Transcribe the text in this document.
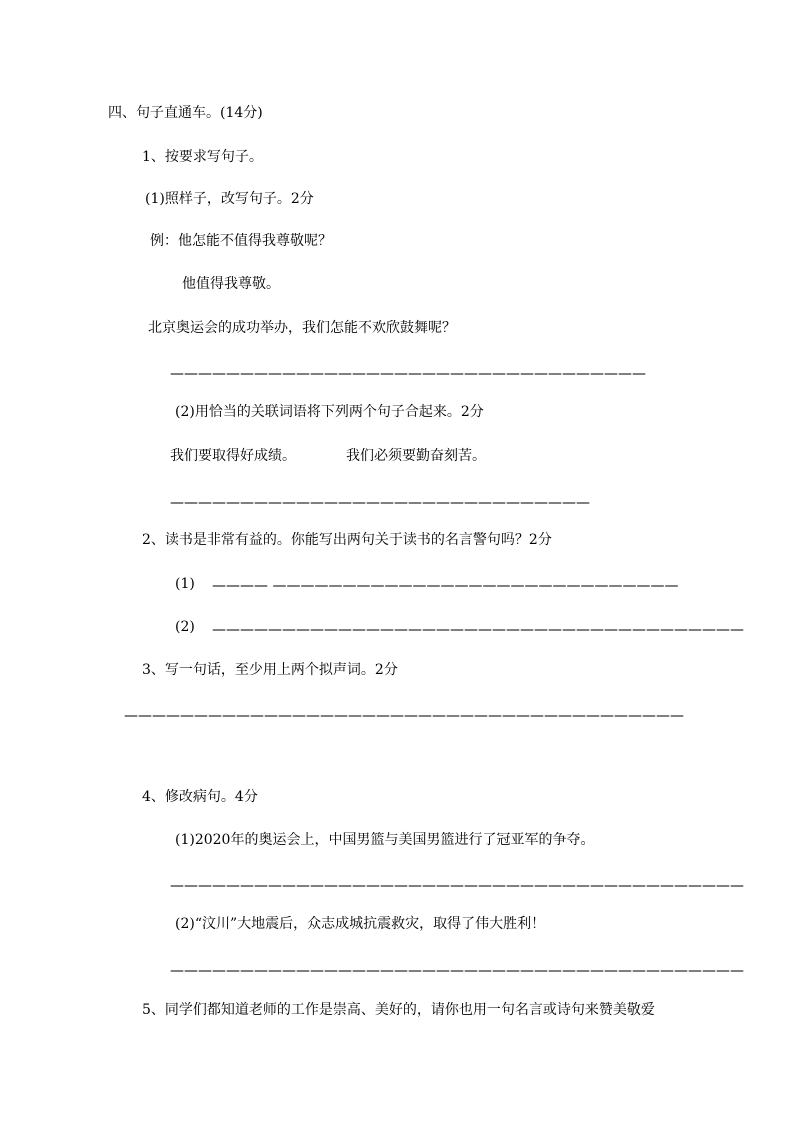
四、句子直通车。(14分)
1、按要求写句子。
(1)照样子，改写句子。2分
例：他怎能不值得我尊敬呢？
他值得我尊敬。
北京奥运会的成功举办，我们怎能不欢欣鼓舞呢？
——————————————————————————————————
(2)用恰当的关联词语将下列两个句子合起来。2分
我们要取得好成绩。	我们必须要勤奋刻苦。
——————————————————————————————
2、读书是非常有益的。你能写出两句关于读书的名言警句吗？2分
(1) ———— —————————————————————————————
(2) ——————————————————————————————————————
3、写一句话，至少用上两个拟声词。2分
————————————————————————————————————————
4、修改病句。4分
(1)2020年的奥运会上，中国男篮与美国男篮进行了冠亚军的争夺。
—————————————————————————————————————————
(2)“汶川”大地震后，众志成城抗震救灾，取得了伟大胜利！
—————————————————————————————————————————
5、同学们都知道老师的工作是崇高、美好的，请你也用一句名言或诗句来赞美敬爱
